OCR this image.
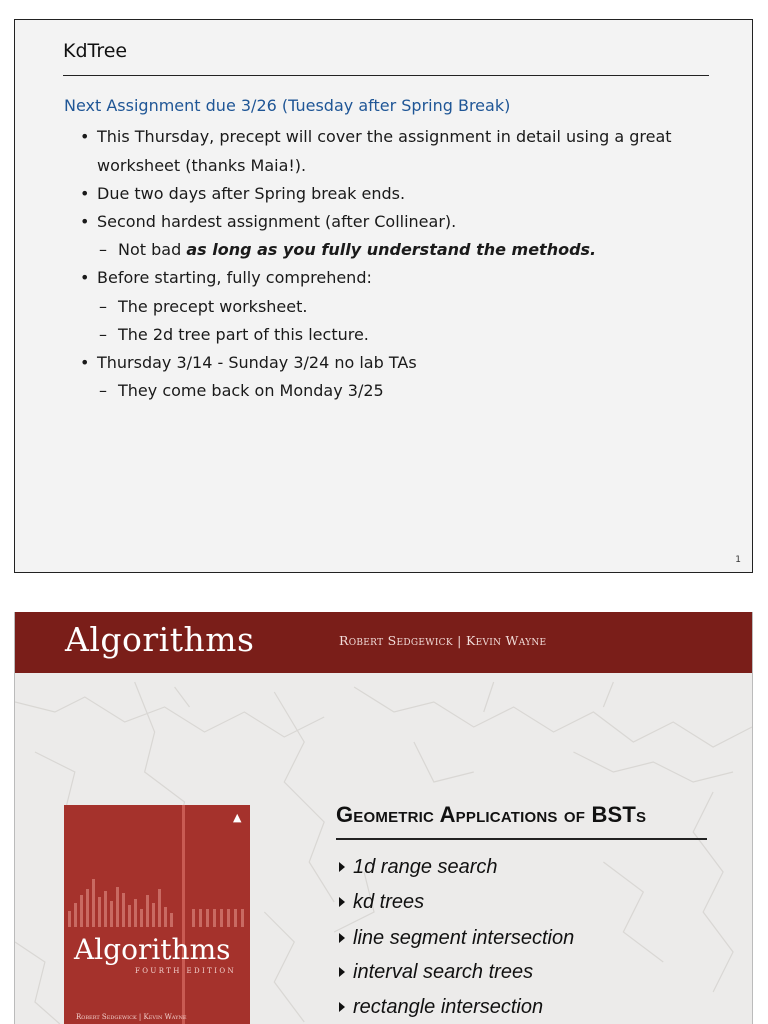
KdTree
Next Assignment due 3/26 (Tuesday after Spring Break)
• This Thursday, precept will cover the assignment in detail using a great
worksheet (thanks Maia!).
• Due two days after Spring break ends.
• Second hardest assignment (after Collinear).
– Not bad as long as you fully understand the methods.
• Before starting, fully comprehend:
– The precept worksheet.
– The 2d tree part of this lecture.
• Thursday 3/14 - Sunday 3/24 no lab TAs
– They come back on Monday 3/25
1
Algorithms	Robert Sedgewick | Kevin Wayne
▲
Algorithms
FOURTH EDITION
Robert Sedgewick | Kevin Wayne
Geometric Applications of BSTs
1d range search
kd trees
line segment intersection
interval search trees
rectangle intersection
